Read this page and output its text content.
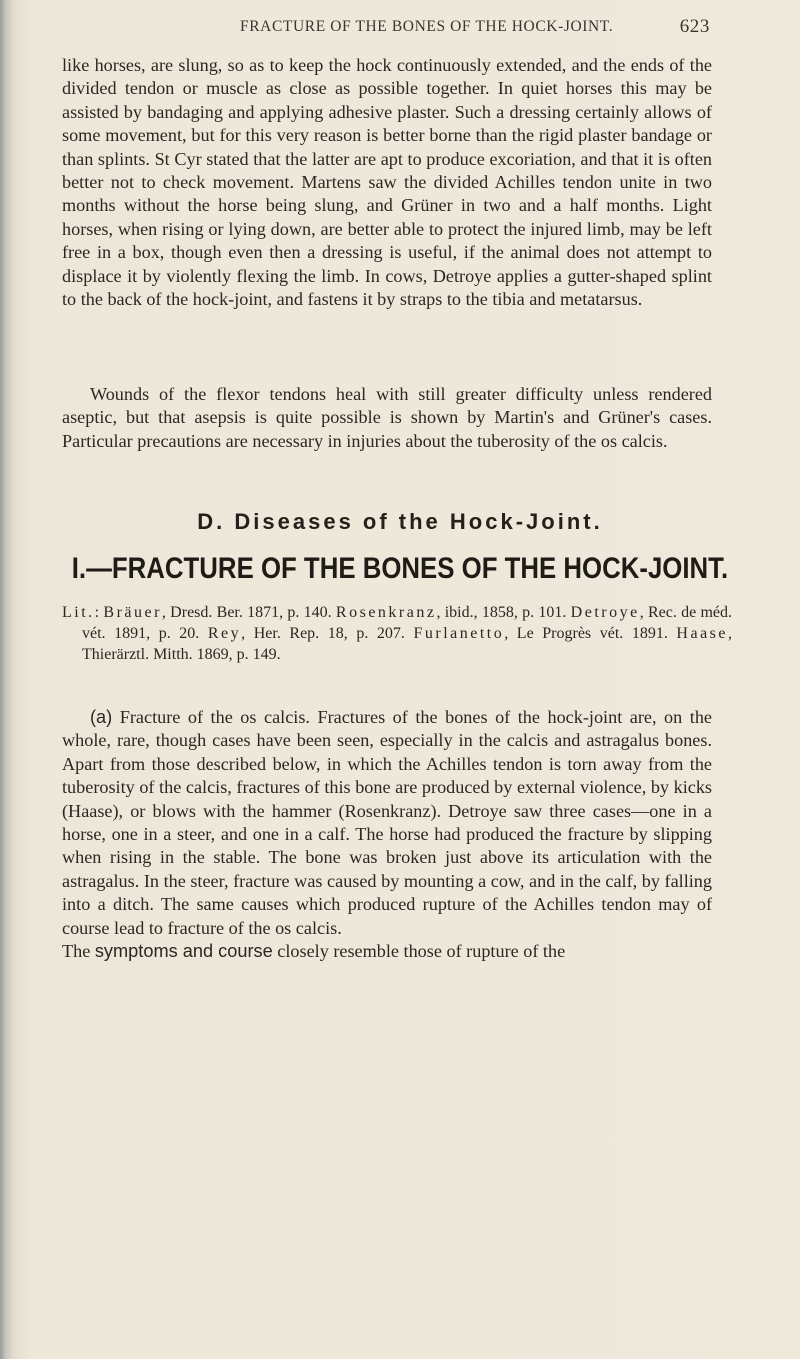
FRACTURE OF THE BONES OF THE HOCK-JOINT.	623

like horses, are slung, so as to keep the hock continuously extended, and the ends of the divided tendon or muscle as close as possible together. In quiet horses this may be assisted by bandaging and applying adhesive plaster. Such a dressing certainly allows of some movement, but for this very reason is better borne than the rigid plaster bandage or than splints. St Cyr stated that the latter are apt to produce excoriation, and that it is often better not to check movement. Martens saw the divided Achilles tendon unite in two months without the horse being slung, and Grüner in two and a half months. Light horses, when rising or lying down, are better able to protect the injured limb, may be left free in a box, though even then a dressing is useful, if the animal does not attempt to displace it by violently flexing the limb. In cows, Detroye applies a gutter-shaped splint to the back of the hock-joint, and fastens it by straps to the tibia and metatarsus.

Wounds of the flexor tendons heal with still greater difficulty unless rendered aseptic, but that asepsis is quite possible is shown by Martin's and Grüner's cases. Particular precautions are necessary in injuries about the tuberosity of the os calcis.

D. Diseases of the Hock-Joint.
I.—FRACTURE OF THE BONES OF THE HOCK-JOINT.

Lit.: Bräuer, Dresd. Ber. 1871, p. 140. Rosenkranz, ibid., 1858, p. 101. Detroye, Rec. de méd. vét. 1891, p. 20. Rey, Her. Rep. 18, p. 207. Furlanetto, Le Progrès vét. 1891. Haase, Thierärztl. Mitth. 1869, p. 149.

(a) Fracture of the os calcis. Fractures of the bones of the hock-joint are, on the whole, rare, though cases have been seen, especially in the calcis and astragalus bones. Apart from those described below, in which the Achilles tendon is torn away from the tuberosity of the calcis, fractures of this bone are produced by external violence, by kicks (Haase), or blows with the hammer (Rosenkranz). Detroye saw three cases—one in a horse, one in a steer, and one in a calf. The horse had produced the fracture by slipping when rising in the stable. The bone was broken just above its articulation with the astragalus. In the steer, fracture was caused by mounting a cow, and in the calf, by falling into a ditch. The same causes which produced rupture of the Achilles tendon may of course lead to fracture of the os calcis.
The symptoms and course closely resemble those of rupture of the
